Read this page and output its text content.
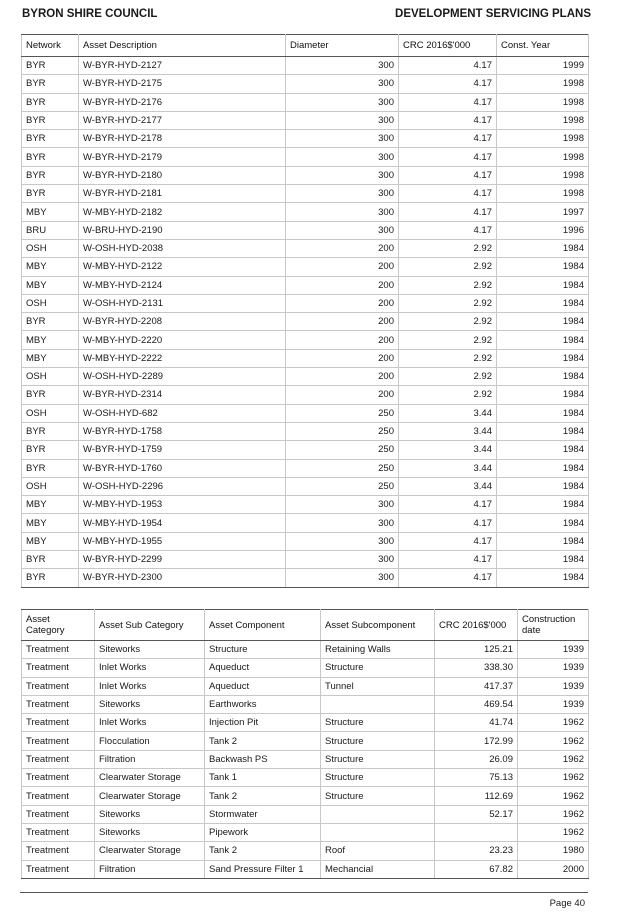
BYRON SHIRE COUNCIL	DEVELOPMENT SERVICING PLANS
Network	Asset Description	Diameter	CRC 2016$'000	Const. Year
BYR	W-BYR-HYD-2127	300	4.17	1999
BYR	W-BYR-HYD-2175	300	4.17	1998
BYR	W-BYR-HYD-2176	300	4.17	1998
BYR	W-BYR-HYD-2177	300	4.17	1998
BYR	W-BYR-HYD-2178	300	4.17	1998
BYR	W-BYR-HYD-2179	300	4.17	1998
BYR	W-BYR-HYD-2180	300	4.17	1998
BYR	W-BYR-HYD-2181	300	4.17	1998
MBY	W-MBY-HYD-2182	300	4.17	1997
BRU	W-BRU-HYD-2190	300	4.17	1996
OSH	W-OSH-HYD-2038	200	2.92	1984
MBY	W-MBY-HYD-2122	200	2.92	1984
MBY	W-MBY-HYD-2124	200	2.92	1984
OSH	W-OSH-HYD-2131	200	2.92	1984
BYR	W-BYR-HYD-2208	200	2.92	1984
MBY	W-MBY-HYD-2220	200	2.92	1984
MBY	W-MBY-HYD-2222	200	2.92	1984
OSH	W-OSH-HYD-2289	200	2.92	1984
BYR	W-BYR-HYD-2314	200	2.92	1984
OSH	W-OSH-HYD-682	250	3.44	1984
BYR	W-BYR-HYD-1758	250	3.44	1984
BYR	W-BYR-HYD-1759	250	3.44	1984
BYR	W-BYR-HYD-1760	250	3.44	1984
OSH	W-OSH-HYD-2296	250	3.44	1984
MBY	W-MBY-HYD-1953	300	4.17	1984
MBY	W-MBY-HYD-1954	300	4.17	1984
MBY	W-MBY-HYD-1955	300	4.17	1984
BYR	W-BYR-HYD-2299	300	4.17	1984
BYR	W-BYR-HYD-2300	300	4.17	1984
Asset Category	Asset Sub Category	Asset Component	Asset Subcomponent	CRC 2016$'000	Construction date
Treatment	Siteworks	Structure	Retaining Walls	125.21	1939
Treatment	Inlet Works	Aqueduct	Structure	338.30	1939
Treatment	Inlet Works	Aqueduct	Tunnel	417.37	1939
Treatment	Siteworks	Earthworks		469.54	1939
Treatment	Inlet Works	Injection Pit	Structure	41.74	1962
Treatment	Flocculation	Tank 2	Structure	172.99	1962
Treatment	Filtration	Backwash PS	Structure	26.09	1962
Treatment	Clearwater Storage	Tank 1	Structure	75.13	1962
Treatment	Clearwater Storage	Tank 2	Structure	112.69	1962
Treatment	Siteworks	Stormwater		52.17	1962
Treatment	Siteworks	Pipework			1962
Treatment	Clearwater Storage	Tank 2	Roof	23.23	1980
Treatment	Filtration	Sand Pressure Filter 1	Mechancial	67.82	2000
Page 40
